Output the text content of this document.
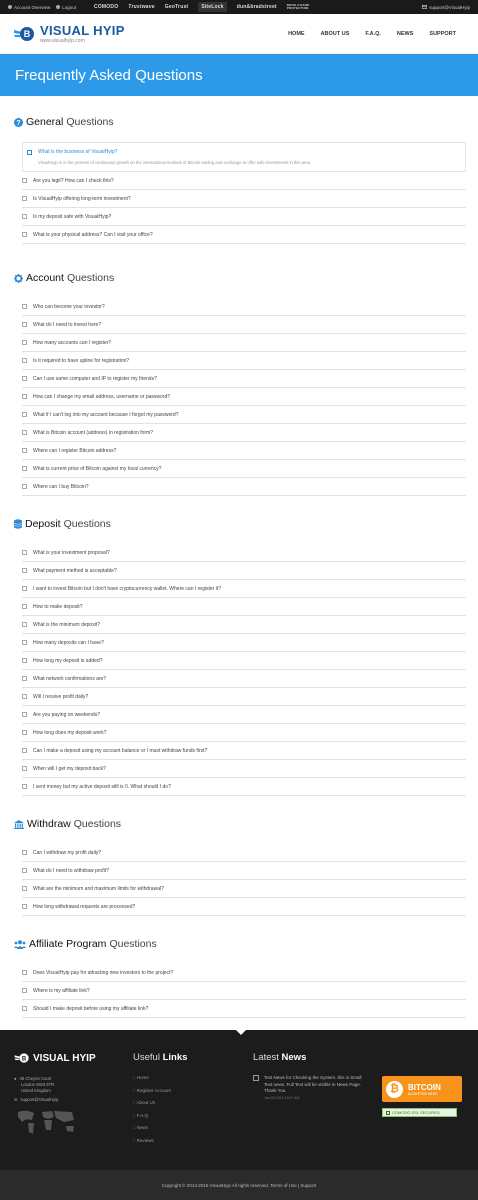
Account Overview	Logout	COMODO Trustwave GeoTrust	SiteLock	dun&bradstreet	DDOS GUARD PROTECTION	support@VisualHyip
B VISUAL HYIP
www.visualhyip.com
HOME	ABOUT US	F.A.Q.	NEWS	SUPPORT
Frequently Asked Questions
? General Questions
What is the business of VisualHyip?
VisualHyip is in the process of continuous growth on the international markets of Bitcoin trading and exchange to offer safe investments in this area.
Are you legit? How can I check this?
Is VisualHyip offering long-term investment?
Is my deposit safe with VisualHyip?
What is your physical address? Can I visit your office?
Account Questions
Who can become your investor?
What do I need to invest here?
How many accounts can I register?
Is it required to have upline for registration?
Can I use same computer and IP to register my friends?
How can I change my email address, username or password?
What if I can't log into my account because I forgot my password?
What is Bitcoin account (address) in registration form?
Where can I register Bitcoin address?
What is current price of Bitcoin against my local currency?
Where can I buy Bitcoin?
Deposit Questions
What is your investment proposal?
What payment method is acceptable?
I want to invest Bitcoin but I don't have cryptocurrency wallet. Where can I register it?
How to make deposit?
What is the minimum deposit?
How many deposits can I have?
How long my deposit is added?
What network confirmations are?
Will I receive profit daily?
Are you paying on weekends?
How long does my deposit work?
Can I make a deposit using my account balance or I must withdraw funds first?
When will I get my deposit back?
I sent money but my active deposit still is 0. What should I do?
Withdraw Questions
Can I withdraw my profit daily?
What do I need to withdraw profit?
What are the minimum and maximum limits for withdrawal?
How long withdrawal requests are processed?
Affiliate Program Questions
Does VisualHyip pay for attracting new investors to the project?
Where is my affiliate link?
Should I make deposit before using my affiliate link?
B VISUAL HYIP
● 39 Cheyne Court
London SW3 5TR
United Kingdom
✉ support@VisualHyip
Useful Links
:: Home
:: Register Account
:: About Us
:: F.A.Q.
:: News
:: Reviews
Latest News
Test News for Checking the System. this is Small Text news. Full Text will be visible in News Page. Thank You.
Jan-03-2016 10:07 AM
₿	BITCOIN
ACCEPTED HERE
COMODO SSL SECURED
Copyright © 2014-2016 VisualHyip All rights reserved. Terms of Use | Support
